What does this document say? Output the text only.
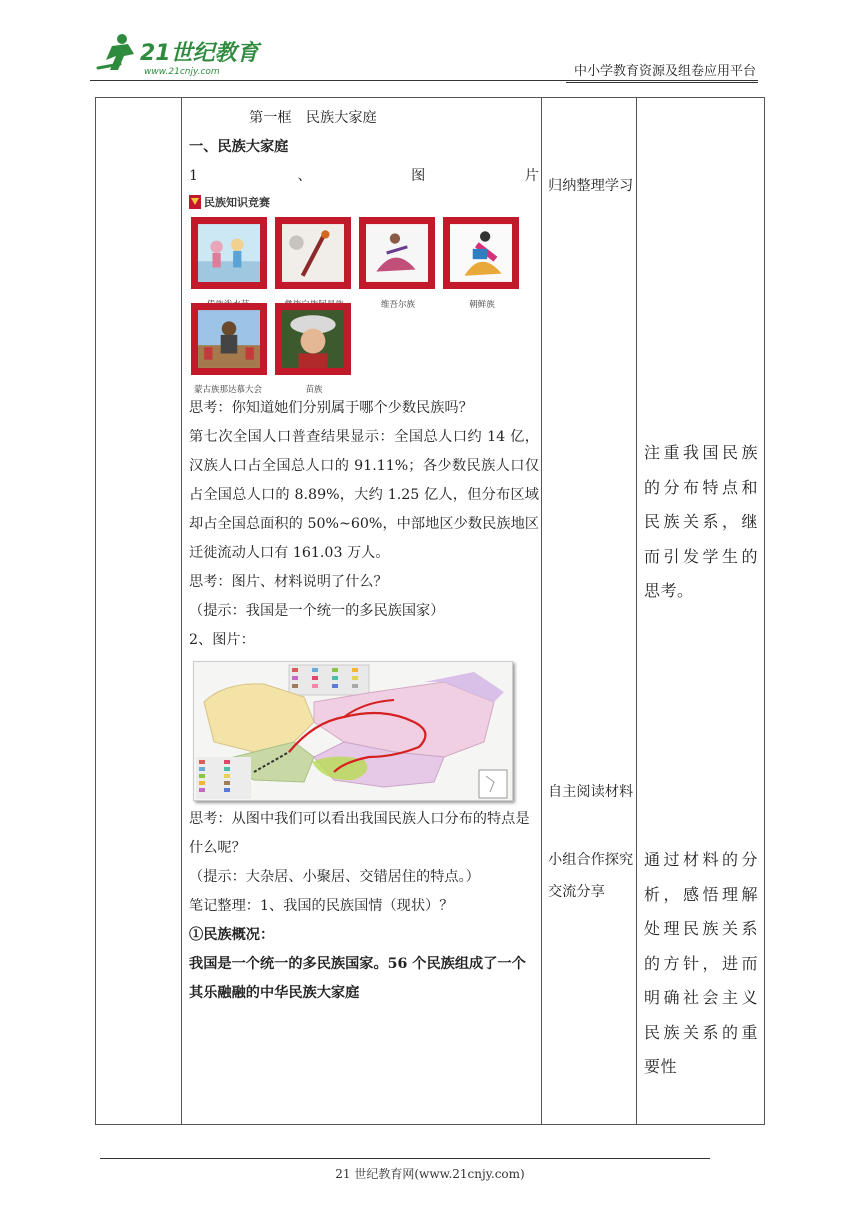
21世纪教育
www.21cnjy.com	中小学教育资源及组卷应用平台

第一框　民族大家庭

一、民族大家庭

1	、	图	片

民族知识竞赛
维吾尔族	朝鲜族
蒙古族那达慕大会	苗族

思考：你知道她们分别属于哪个少数民族吗？

第七次全国人口普查结果显示：全国总人口约 14 亿，汉族人口占全国总人口的 91.11%；各少数民族人口仅占全国总人口的 8.89%，大约 1.25 亿人，但分布区域却占全国总面积的 50%~60%，中部地区少数民族地区迁徙流动人口有 161.03 万人。

思考：图片、材料说明了什么？

（提示：我国是一个统一的多民族国家）

2、图片：

思考：从图中我们可以看出我国民族人口分布的特点是什么呢？

（提示：大杂居、小聚居、交错居住的特点。）

笔记整理：1、我国的民族国情（现状）？

①民族概况：

我国是一个统一的多民族国家。56 个民族组成了一个其乐融融的中华民族大家庭

归纳整理学习
自主阅读材料
小组合作探究交流分享
注重我国民族的分布特点和民族关系，继而引发学生的思考。
通过材料的分析，感悟理解处理民族关系的方针，进而明确社会主义民族关系的重要性
21 世纪教育网(www.21cnjy.com)
